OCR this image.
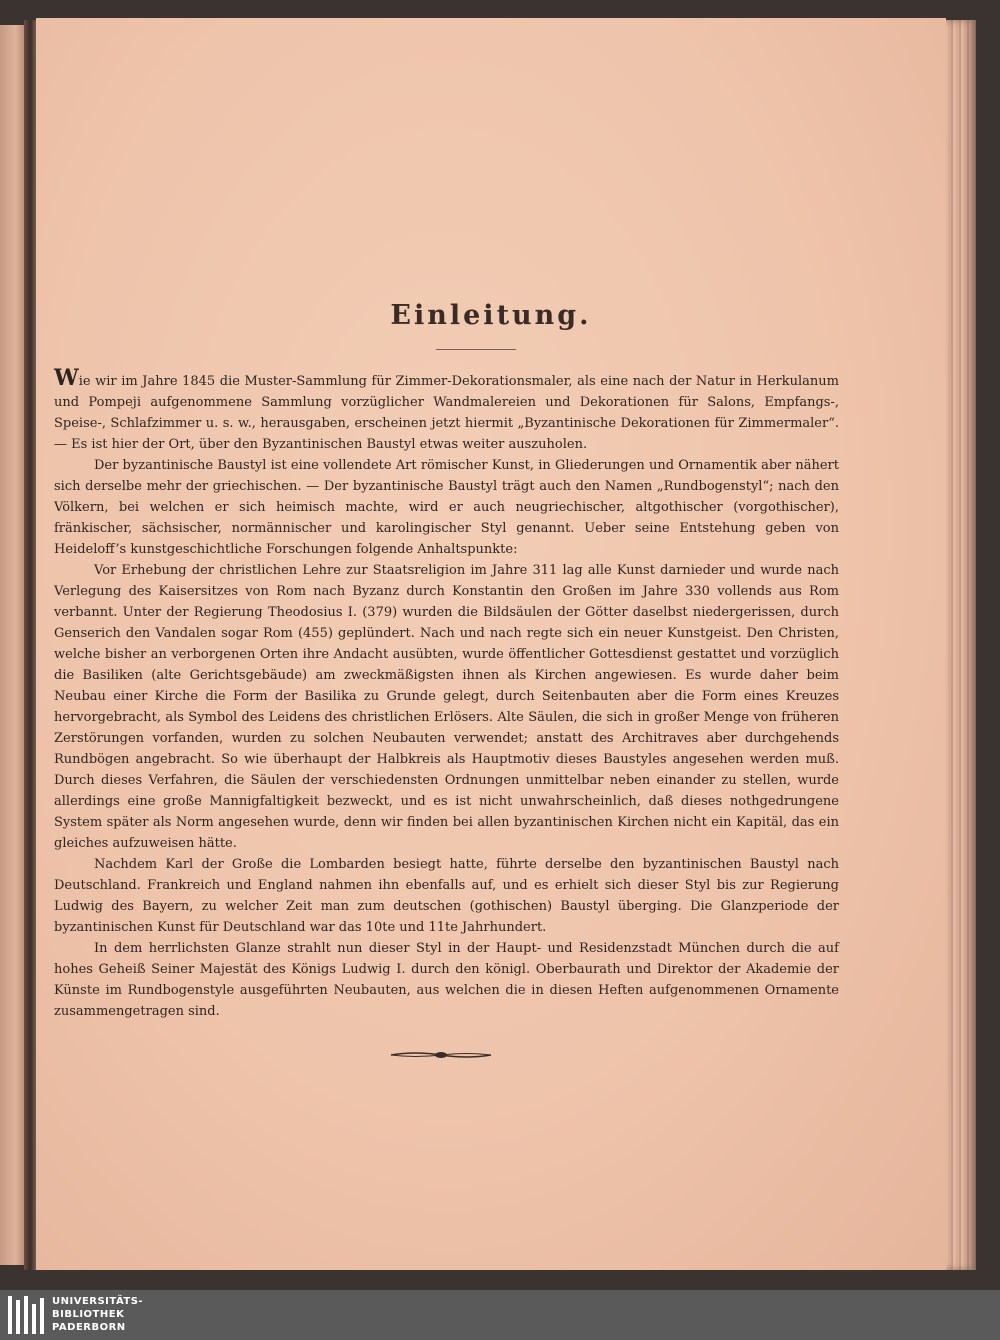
Einleitung.

Wie wir im Jahre 1845 die Muster-Sammlung für Zimmer-Dekorationsmaler, als eine nach der Natur in Herkulanum und Pompeji aufgenommene Sammlung vorzüglicher Wandmalereien und Dekorationen für Salons, Empfangs-, Speise-, Schlafzimmer u. s. w., herausgaben, erscheinen jetzt hiermit „Byzantinische Dekorationen für Zimmermaler“. — Es ist hier der Ort, über den Byzantinischen Baustyl etwas weiter auszuholen.

Der byzantinische Baustyl ist eine vollendete Art römischer Kunst, in Gliederungen und Ornamentik aber nähert sich derselbe mehr der griechischen. — Der byzantinische Baustyl trägt auch den Namen „Rundbogenstyl“; nach den Völkern, bei welchen er sich heimisch machte, wird er auch neugriechischer, altgothischer (vorgothischer), fränkischer, sächsischer, normännischer und karolingischer Styl genannt. Ueber seine Entstehung geben von Heideloff’s kunstgeschichtliche Forschungen folgende Anhaltspunkte:

Vor Erhebung der christlichen Lehre zur Staatsreligion im Jahre 311 lag alle Kunst darnieder und wurde nach Verlegung des Kaisersitzes von Rom nach Byzanz durch Konstantin den Großen im Jahre 330 vollends aus Rom verbannt. Unter der Regierung Theodosius I. (379) wurden die Bildsäulen der Götter daselbst niedergerissen, durch Genserich den Vandalen sogar Rom (455) geplündert. Nach und nach regte sich ein neuer Kunstgeist. Den Christen, welche bisher an verborgenen Orten ihre Andacht ausübten, wurde öffentlicher Gottesdienst gestattet und vorzüglich die Basiliken (alte Gerichtsgebäude) am zweckmäßigsten ihnen als Kirchen angewiesen. Es wurde daher beim Neubau einer Kirche die Form der Basilika zu Grunde gelegt, durch Seitenbauten aber die Form eines Kreuzes hervorgebracht, als Symbol des Leidens des christlichen Erlösers. Alte Säulen, die sich in großer Menge von früheren Zerstörungen vorfanden, wurden zu solchen Neubauten verwendet; anstatt des Architraves aber durchgehends Rundbögen angebracht. So wie überhaupt der Halbkreis als Hauptmotiv dieses Baustyles angesehen werden muß. Durch dieses Verfahren, die Säulen der verschiedensten Ordnungen unmittelbar neben einander zu stellen, wurde allerdings eine große Mannigfaltigkeit bezweckt, und es ist nicht unwahrscheinlich, daß dieses nothgedrungene System später als Norm angesehen wurde, denn wir finden bei allen byzantinischen Kirchen nicht ein Kapitäl, das ein gleiches aufzuweisen hätte.

Nachdem Karl der Große die Lombarden besiegt hatte, führte derselbe den byzantinischen Baustyl nach Deutschland. Frankreich und England nahmen ihn ebenfalls auf, und es erhielt sich dieser Styl bis zur Regierung Ludwig des Bayern, zu welcher Zeit man zum deutschen (gothischen) Baustyl überging. Die Glanzperiode der byzantinischen Kunst für Deutschland war das 10te und 11te Jahrhundert.

In dem herrlichsten Glanze strahlt nun dieser Styl in der Haupt- und Residenzstadt München durch die auf hohes Geheiß Seiner Majestät des Königs Ludwig I. durch den königl. Oberbaurath und Direktor der Akademie der Künste im Rundbogenstyle ausgeführten Neubauten, aus welchen die in diesen Heften aufgenommenen Ornamente zusammengetragen sind.

UNIVERSITÄTS-
BIBLIOTHEK
PADERBORN
